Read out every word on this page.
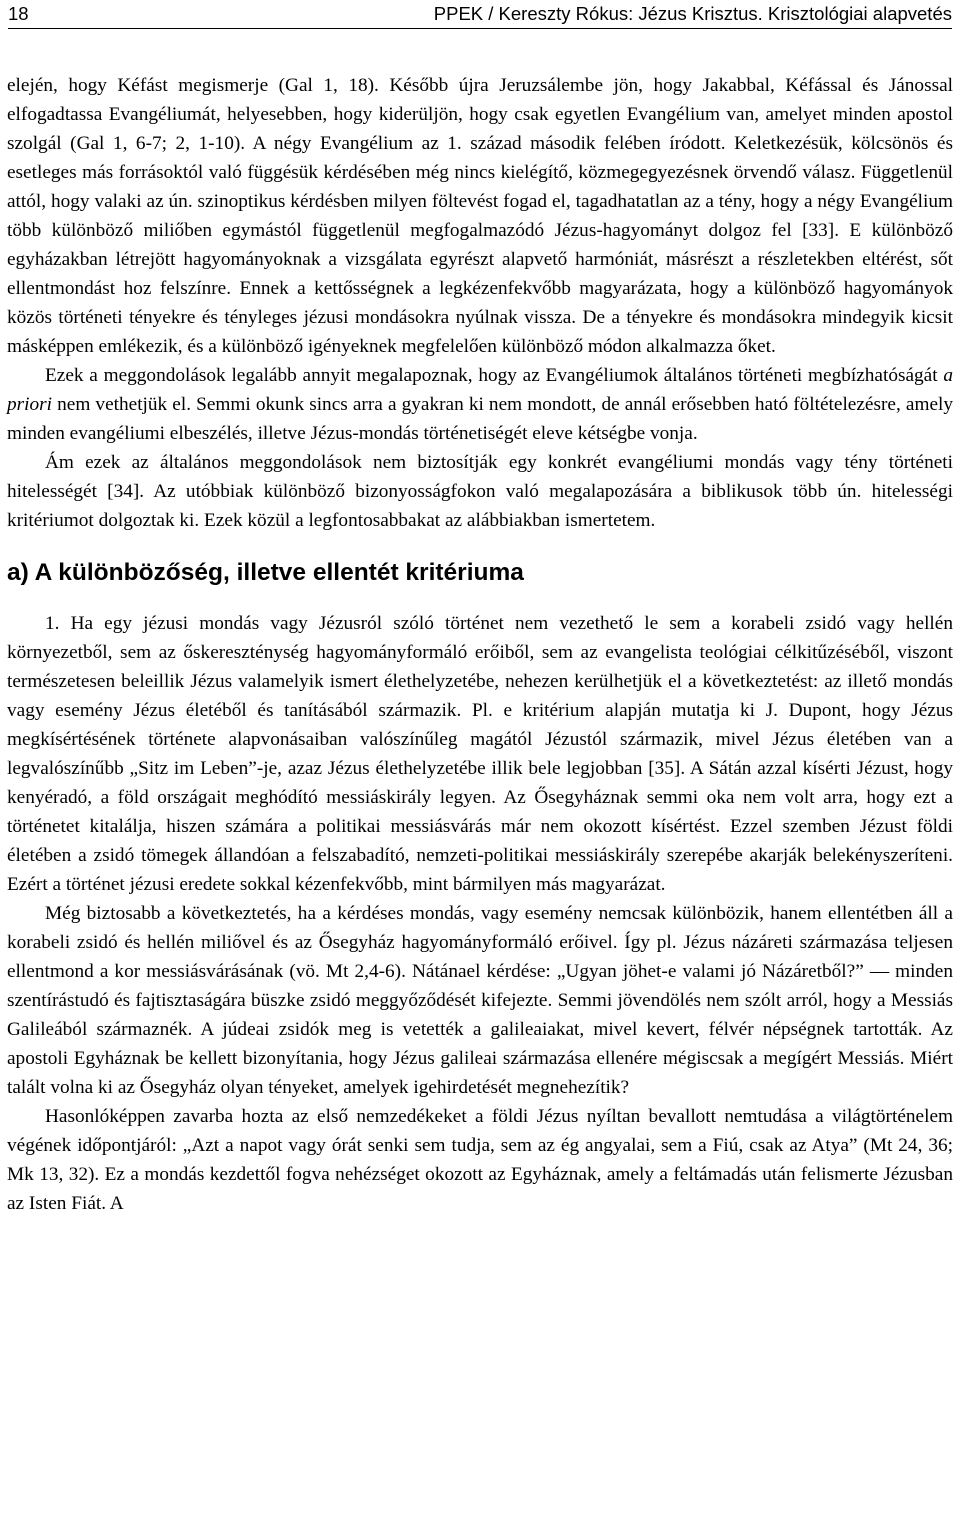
18	PPEK / Kereszty Rókus: Jézus Krisztus. Krisztológiai alapvetés

elején, hogy Kéfást megismerje (Gal 1, 18). Később újra Jeruzsálembe jön, hogy Jakabbal, Kéfással és Jánossal elfogadtassa Evangéliumát, helyesebben, hogy kiderüljön, hogy csak egyetlen Evangélium van, amelyet minden apostol szolgál (Gal 1, 6-7; 2, 1-10). A négy Evangélium az 1. század második felében íródott. Keletkezésük, kölcsönös és esetleges más forrásoktól való függésük kérdésében még nincs kielégítő, közmegegyezésnek örvendő válasz. Függetlenül attól, hogy valaki az ún. szinoptikus kérdésben milyen föltevést fogad el, tagadhatatlan az a tény, hogy a négy Evangélium több különböző miliőben egymástól függetlenül megfogalmazódó Jézus-hagyományt dolgoz fel [33]. E különböző egyházakban létrejött hagyományoknak a vizsgálata egyrészt alapvető harmóniát, másrészt a részletekben eltérést, sőt ellentmondást hoz felszínre. Ennek a kettősségnek a legkézenfekvőbb magyarázata, hogy a különböző hagyományok közös történeti tényekre és tényleges jézusi mondásokra nyúlnak vissza. De a tényekre és mondásokra mindegyik kicsit másképpen emlékezik, és a különböző igényeknek megfelelően különböző módon alkalmazza őket.

Ezek a meggondolások legalább annyit megalapoznak, hogy az Evangéliumok általános történeti megbízhatóságát a priori nem vethetjük el. Semmi okunk sincs arra a gyakran ki nem mondott, de annál erősebben ható föltételezésre, amely minden evangéliumi elbeszélés, illetve Jézus-mondás történetiségét eleve kétségbe vonja.

Ám ezek az általános meggondolások nem biztosítják egy konkrét evangéliumi mondás vagy tény történeti hitelességét [34]. Az utóbbiak különböző bizonyosságfokon való megalapozására a biblikusok több ún. hitelességi kritériumot dolgoztak ki. Ezek közül a legfontosabbakat az alábbiakban ismertetem.

a) A különbözőség, illetve ellentét kritériuma

1. Ha egy jézusi mondás vagy Jézusról szóló történet nem vezethető le sem a korabeli zsidó vagy hellén környezetből, sem az őskereszténység hagyományformáló erőiből, sem az evangelista teológiai célkitűzéséből, viszont természetesen beleillik Jézus valamelyik ismert élethelyzetébe, nehezen kerülhetjük el a következtetést: az illető mondás vagy esemény Jézus életéből és tanításából származik. Pl. e kritérium alapján mutatja ki J. Dupont, hogy Jézus megkísértésének története alapvonásaiban valószínűleg magától Jézustól származik, mivel Jézus életében van a legvalószínűbb „Sitz im Leben”-je, azaz Jézus élethelyzetébe illik bele legjobban [35]. A Sátán azzal kísérti Jézust, hogy kenyéradó, a föld országait meghódító messiáskirály legyen. Az Ősegyháznak semmi oka nem volt arra, hogy ezt a történetet kitalálja, hiszen számára a politikai messiásvárás már nem okozott kísértést. Ezzel szemben Jézust földi életében a zsidó tömegek állandóan a felszabadító, nemzeti-politikai messiáskirály szerepébe akarják belekényszeríteni. Ezért a történet jézusi eredete sokkal kézenfekvőbb, mint bármilyen más magyarázat.

Még biztosabb a következtetés, ha a kérdéses mondás, vagy esemény nemcsak különbözik, hanem ellentétben áll a korabeli zsidó és hellén miliővel és az Ősegyház hagyományformáló erőivel. Így pl. Jézus názáreti származása teljesen ellentmond a kor messiásvárásának (vö. Mt 2,4-6). Nátánael kérdése: „Ugyan jöhet-e valami jó Názáretből?” — minden szentírástudó és fajtisztaságára büszke zsidó meggyőződését kifejezte. Semmi jövendölés nem szólt arról, hogy a Messiás Galileából származnék. A júdeai zsidók meg is vetették a galileaiakat, mivel kevert, félvér népségnek tartották. Az apostoli Egyháznak be kellett bizonyítania, hogy Jézus galileai származása ellenére mégiscsak a megígért Messiás. Miért talált volna ki az Ősegyház olyan tényeket, amelyek igehirdetését megnehezítik?

Hasonlóképpen zavarba hozta az első nemzedékeket a földi Jézus nyíltan bevallott nemtudása a világtörténelem végének időpontjáról: „Azt a napot vagy órát senki sem tudja, sem az ég angyalai, sem a Fiú, csak az Atya” (Mt 24, 36; Mk 13, 32). Ez a mondás kezdettől fogva nehézséget okozott az Egyháznak, amely a feltámadás után felismerte Jézusban az Isten Fiát. A
